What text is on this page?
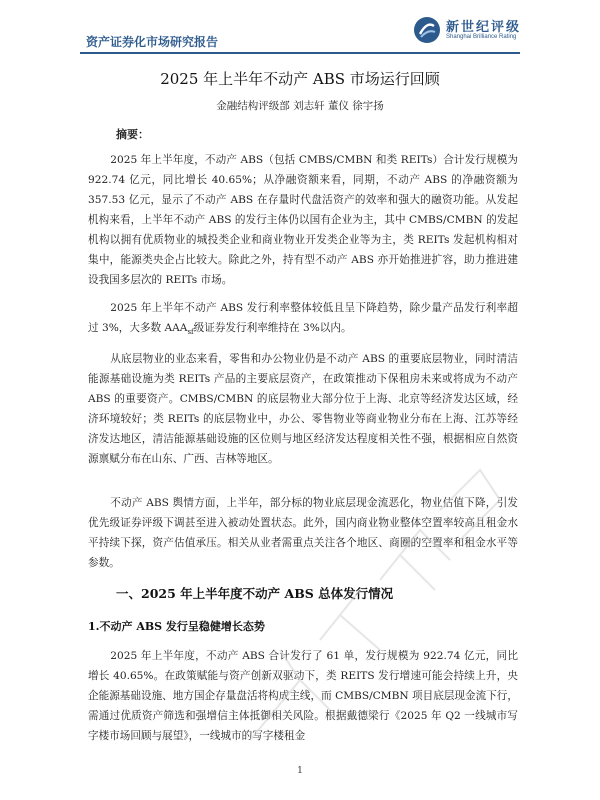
资产证券化市场研究报告
新世纪评级
Shanghai Brilliance Rating
2025 年上半年不动产 ABS 市场运行回顾
金融结构评级部 刘志轩 董仪 徐宇扬
摘要：

2025 年上半年度，不动产 ABS（包括 CMBS/CMBN 和类 REITs）合计发行规模为 922.74 亿元，同比增长 40.65%；从净融资额来看，同期，不动产 ABS 的净融资额为 357.53 亿元，显示了不动产 ABS 在存量时代盘活资产的效率和强大的融资功能。从发起机构来看，上半年不动产 ABS 的发行主体仍以国有企业为主，其中 CMBS/CMBN 的发起机构以拥有优质物业的城投类企业和商业物业开发类企业等为主，类 REITs 发起机构相对集中，能源类央企占比较大。除此之外，持有型不动产 ABS 亦开始推进扩容，助力推进建设我国多层次的 REITs 市场。

2025 年上半年不动产 ABS 发行利率整体较低且呈下降趋势，除少量产品发行利率超过 3%，大多数 $AAA_{sf}$级证券发行利率维持在 3%以内。

从底层物业的业态来看，零售和办公物业仍是不动产 ABS 的重要底层物业，同时清洁能源基础设施为类 REITs 产品的主要底层资产，在政策推动下保租房未来或将成为不动产 ABS 的重要资产。CMBS/CMBN 的底层物业大部分位于上海、北京等经济发达区域，经济环境较好；类 REITs 的底层物业中，办公、零售物业等商业物业分布在上海、江苏等经济发达地区，清洁能源基础设施的区位则与地区经济发达程度相关性不强，根据相应自然资源禀赋分布在山东、广西、吉林等地区。

不动产 ABS 舆情方面，上半年，部分标的物业底层现金流恶化，物业估值下降，引发优先级证券评级下调甚至进入被动处置状态。此外，国内商业物业整体空置率较高且租金水平持续下探，资产估值承压。相关从业者需重点关注各个地区、商圈的空置率和租金水平等参数。

一、2025 年上半年度不动产 ABS 总体发行情况
1.不动产 ABS 发行呈稳健增长态势

2025 年上半年度，不动产 ABS 合计发行了 61 单，发行规模为 922.74 亿元，同比增长 40.65%。在政策赋能与资产创新双驱动下，类 REITS 发行增速可能会持续上升，央企能源基础设施、地方国企存量盘活将构成主线，而 CMBS/CMBN 项目底层现金流下行，需通过优质资产筛选和强增信主体抵御相关风险。根据戴德梁行《2025 年 Q2 一线城市写字楼市场回顾与展望》，一线城市的写字楼租金

1
